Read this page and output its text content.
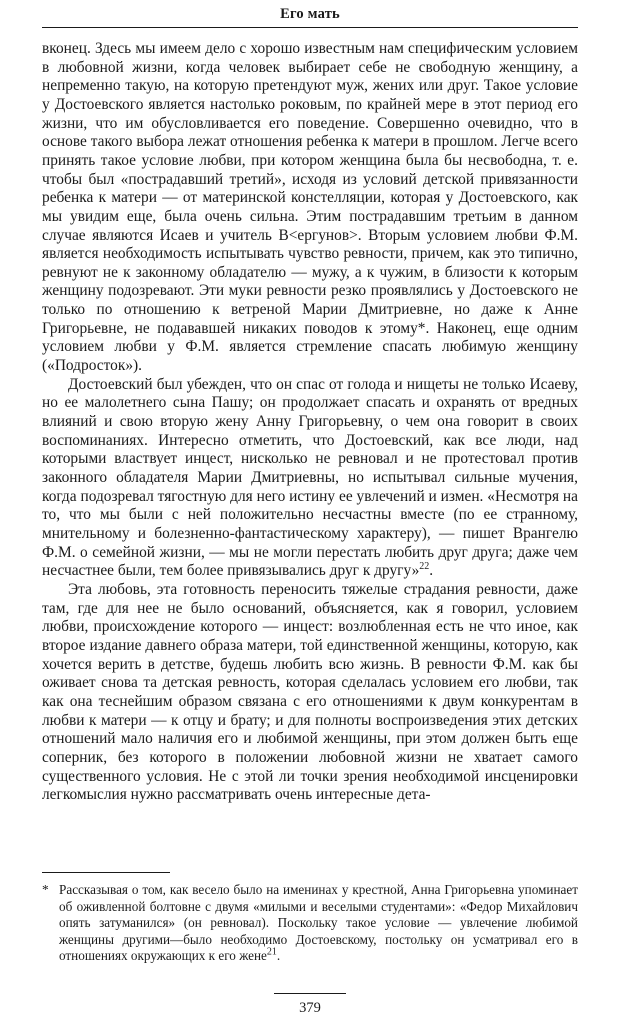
Его мать

вконец. Здесь мы имеем дело с хорошо известным нам специфическим условием в любовной жизни, когда человек выбирает себе не свободную женщину, а непременно такую, на которую претендуют муж, жених или друг. Такое условие у Достоевского является настолько роковым, по крайней мере в этот период его жизни, что им обусловливается его поведение. Совершенно очевидно, что в основе такого выбора лежат отношения ребенка к матери в прошлом. Легче всего принять такое условие любви, при котором женщина была бы несвободна, т. е. чтобы был «пострадавший третий», исходя из условий детской привязанности ребенка к матери — от материнской констелляции, которая у Достоевского, как мы увидим еще, была очень сильна. Этим пострадавшим третьим в данном случае являются Исаев и учитель В<ергунов>. Вторым условием любви Ф.М. является необходимость испытывать чувство ревности, причем, как это типично, ревнуют не к законному обладателю — мужу, а к чужим, в близости к которым женщину подозревают. Эти муки ревности резко проявлялись у Достоевского не только по отношению к ветреной Марии Дмитриевне, но даже к Анне Григорьевне, не подававшей никаких поводов к этому*. Наконец, еще одним условием любви у Ф.М. является стремление спасать любимую женщину («Подросток»).

Достоевский был убежден, что он спас от голода и нищеты не только Исаеву, но ее малолетнего сына Пашу; он продолжает спасать и охранять от вредных влияний и свою вторую жену Анну Григорьевну, о чем она говорит в своих воспоминаниях. Интересно отметить, что Достоевский, как все люди, над которыми властвует инцест, нисколько не ревновал и не протестовал против законного обладателя Марии Дмитриевны, но испытывал сильные мучения, когда подозревал тягостную для него истину ее увлечений и измен. «Несмотря на то, что мы были с ней положительно несчастны вместе (по ее странному, мнительному и болезненно-фантастическому характеру), — пишет Врангелю Ф.М. о семейной жизни, — мы не могли перестать любить друг друга; даже чем несчастнее были, тем более привязывались друг к другу»$^{22}$.

Эта любовь, эта готовность переносить тяжелые страдания ревности, даже там, где для нее не было оснований, объясняется, как я говорил, условием любви, происхождение которого — инцест: возлюбленная есть не что иное, как второе издание давнего образа матери, той единственной женщины, которую, как хочется верить в детстве, будешь любить всю жизнь. В ревности Ф.М. как бы оживает снова та детская ревность, которая сделалась условием его любви, так как она теснейшим образом связана с его отношениями к двум конкурентам в любви к матери — к отцу и брату; и для полноты воспроизведения этих детских отношений мало наличия его и любимой женщины, при этом должен быть еще соперник, без которого в положении любовной жизни не хватает самого существенного условия. Не с этой ли точки зрения необходимой инсценировки легкомыслия нужно рассматривать очень интересные дета-

* Рассказывая о том, как весело было на именинах у крестной, Анна Григорьевна упоминает об оживленной болтовне с двумя «милыми и веселыми студентами»: «Федор Михайлович опять затуманился» (он ревновал). Поскольку такое условие — увлечение любимой женщины другими—было необходимо Достоевскому, постольку он усматривал его в отношениях окружающих к его жене$^{21}$.

379
